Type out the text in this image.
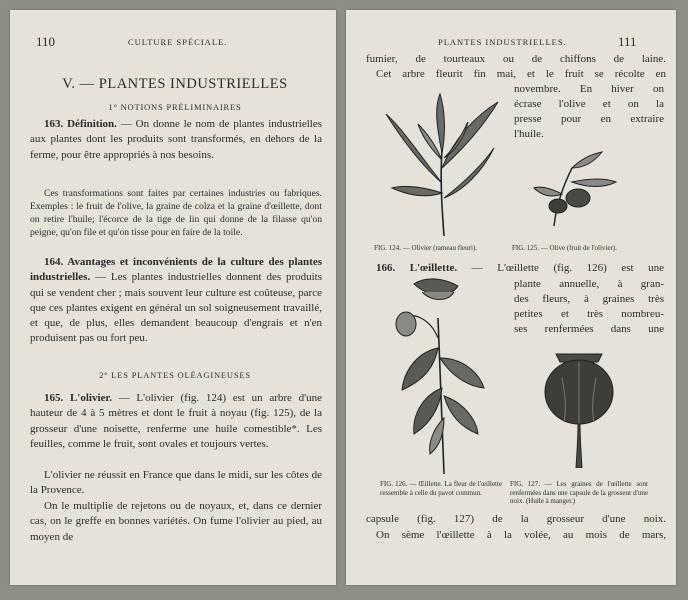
110	CULTURE SPÉCIALE.
V. — PLANTES INDUSTRIELLES
1° NOTIONS PRÉLIMINAIRES

163. Définition. — On donne le nom de plantes industrielles aux plantes dont les produits sont transformés, en dehors de la ferme, pour être appropriés à nos besoins.

Ces transformations sont faites par certaines industries ou fabriques. Exemples : le fruit de l'olive, la graine de colza et la graine d'œillette, dont on retire l'huile; l'écorce de la tige de lin qui donne de la filasse qu'on peigne, qu'on file et qu'on tisse pour en faire de la toile.

164. Avantages et inconvénients de la culture des plantes industrielles. — Les plantes industrielles donnent des produits qui se vendent cher ; mais souvent leur culture est coûteuse, parce que ces plantes exigent en général un sol soigneusement travaillé, et que, de plus, elles demandent beaucoup d'engrais et n'en produisent pas ou fort peu.

2° LES PLANTES OLÉAGINEUSES

165. L'olivier. — L'olivier (fig. 124) est un arbre d'une hauteur de 4 à 5 mètres et dont le fruit à noyau (fig. 125), de la grosseur d'une noisette, renferme une huile comestible*. Les feuilles, comme le fruit, sont ovales et toujours vertes.

L'olivier ne réussit en France que dans le midi, sur les côtes de la Provence.

On le multiplie de rejetons ou de noyaux, et, dans ce dernier cas, on le greffe en bonnes variétés. On fume l'olivier au pied, au moyen de

PLANTES INDUSTRIELLES.	111
fumier, de tourteaux ou de chiffons de laine.
Cet arbre fleurit fin mai, et le fruit se récolte en
novembre. En hiver on
écrase l'olive et on la
presse pour en extraire
l'huile.
FIG. 124. — Olivier (rameau fleuri).	FIG. 125. — Olive (fruit de l'olivier).
166. L'œillette. — L'œillette (fig. 126) est une
plante annuelle, à gran-
des fleurs, à graines très
petites et très nombreu-
ses renfermées dans une
FIG. 126. — Œillette. La fleur de l'œillette ressemble à celle du pavot commun.
FIG. 127. — Les graines de l'œillette sont renfermées dans une capsule de la grosseur d'une noix. (Huile à manger.)
capsule (fig. 127) de la grosseur d'une noix.
On sème l'œillette à la volée, au mois de mars,
